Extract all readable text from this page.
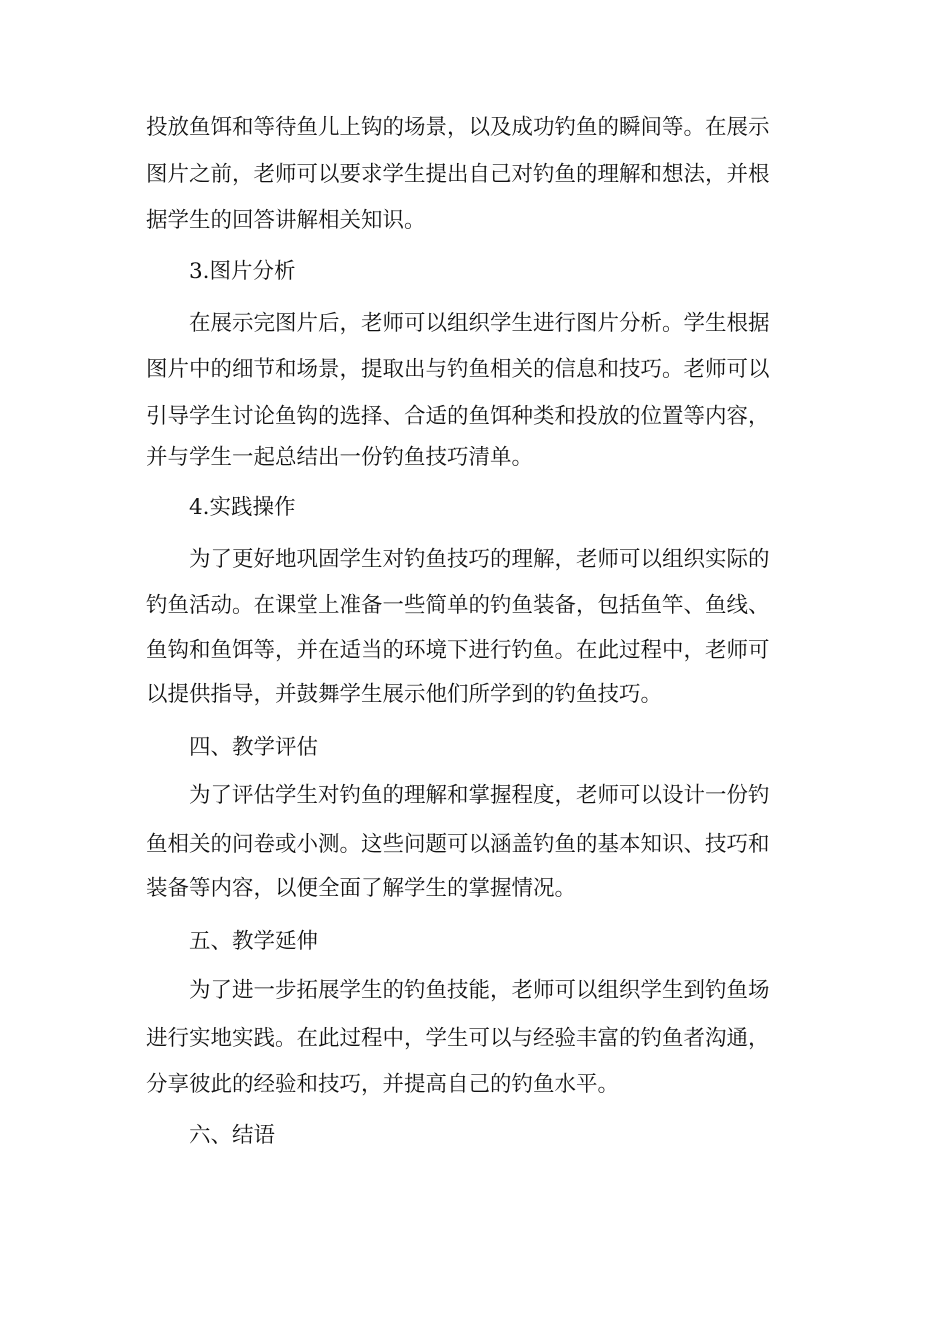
投放鱼饵和等待鱼儿上钩的场景，以及成功钓鱼的瞬间等。在展示
图片之前，老师可以要求学生提出自己对钓鱼的理解和想法，并根
据学生的回答讲解相关知识。
3.图片分析
在展示完图片后，老师可以组织学生进行图片分析。学生根据
图片中的细节和场景，提取出与钓鱼相关的信息和技巧。老师可以
引导学生讨论鱼钩的选择、合适的鱼饵种类和投放的位置等内容，
并与学生一起总结出一份钓鱼技巧清单。
4.实践操作
为了更好地巩固学生对钓鱼技巧的理解，老师可以组织实际的
钓鱼活动。在课堂上准备一些简单的钓鱼装备，包括鱼竿、鱼线、
鱼钩和鱼饵等，并在适当的环境下进行钓鱼。在此过程中，老师可
以提供指导，并鼓舞学生展示他们所学到的钓鱼技巧。
四、教学评估
为了评估学生对钓鱼的理解和掌握程度，老师可以设计一份钓
鱼相关的问卷或小测。这些问题可以涵盖钓鱼的基本知识、技巧和
装备等内容，以便全面了解学生的掌握情况。
五、教学延伸
为了进一步拓展学生的钓鱼技能，老师可以组织学生到钓鱼场
进行实地实践。在此过程中，学生可以与经验丰富的钓鱼者沟通，
分享彼此的经验和技巧，并提高自己的钓鱼水平。
六、结语
